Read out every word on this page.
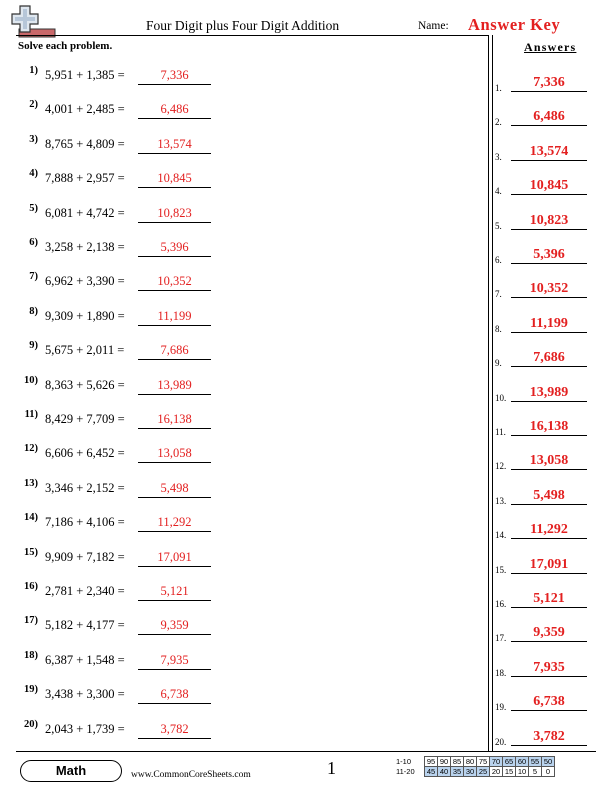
Four Digit plus Four Digit Addition	Name: Answer Key
Solve each problem.	Answers
1) 5,951 + 1,385 =	7,336
2) 4,001 + 2,485 =	6,486
3) 8,765 + 4,809 =	13,574
4) 7,888 + 2,957 =	10,845
5) 6,081 + 4,742 =	10,823
6) 3,258 + 2,138 =	5,396
7) 6,962 + 3,390 =	10,352
8) 9,309 + 1,890 =	11,199
9) 5,675 + 2,011 =	7,686
10) 8,363 + 5,626 =	13,989
11) 8,429 + 7,709 =	16,138
12) 6,606 + 6,452 =	13,058
13) 3,346 + 2,152 =	5,498
14) 7,186 + 4,106 =	11,292
15) 9,909 + 7,182 =	17,091
16) 2,781 + 2,340 =	5,121
17) 5,182 + 4,177 =	9,359
18) 6,387 + 1,548 =	7,935
19) 3,438 + 3,300 =	6,738
20) 2,043 + 1,739 =	3,782
1.	7,336
2.	6,486
3.	13,574
4.	10,845
5.	10,823
6.	5,396
7.	10,352
8.	11,199
9.	7,686
10.	13,989
11.	16,138
12.	13,058
13.	5,498
14.	11,292
15.	17,091
16.	5,121
17.	9,359
18.	7,935
19.	6,738
20.	3,782
Math	www.CommonCoreSheets.com	1	1-10	95	90	85	80	75	70	65	60	55	50
11-20	45	40	35	30	25	20	15	10	5	0
